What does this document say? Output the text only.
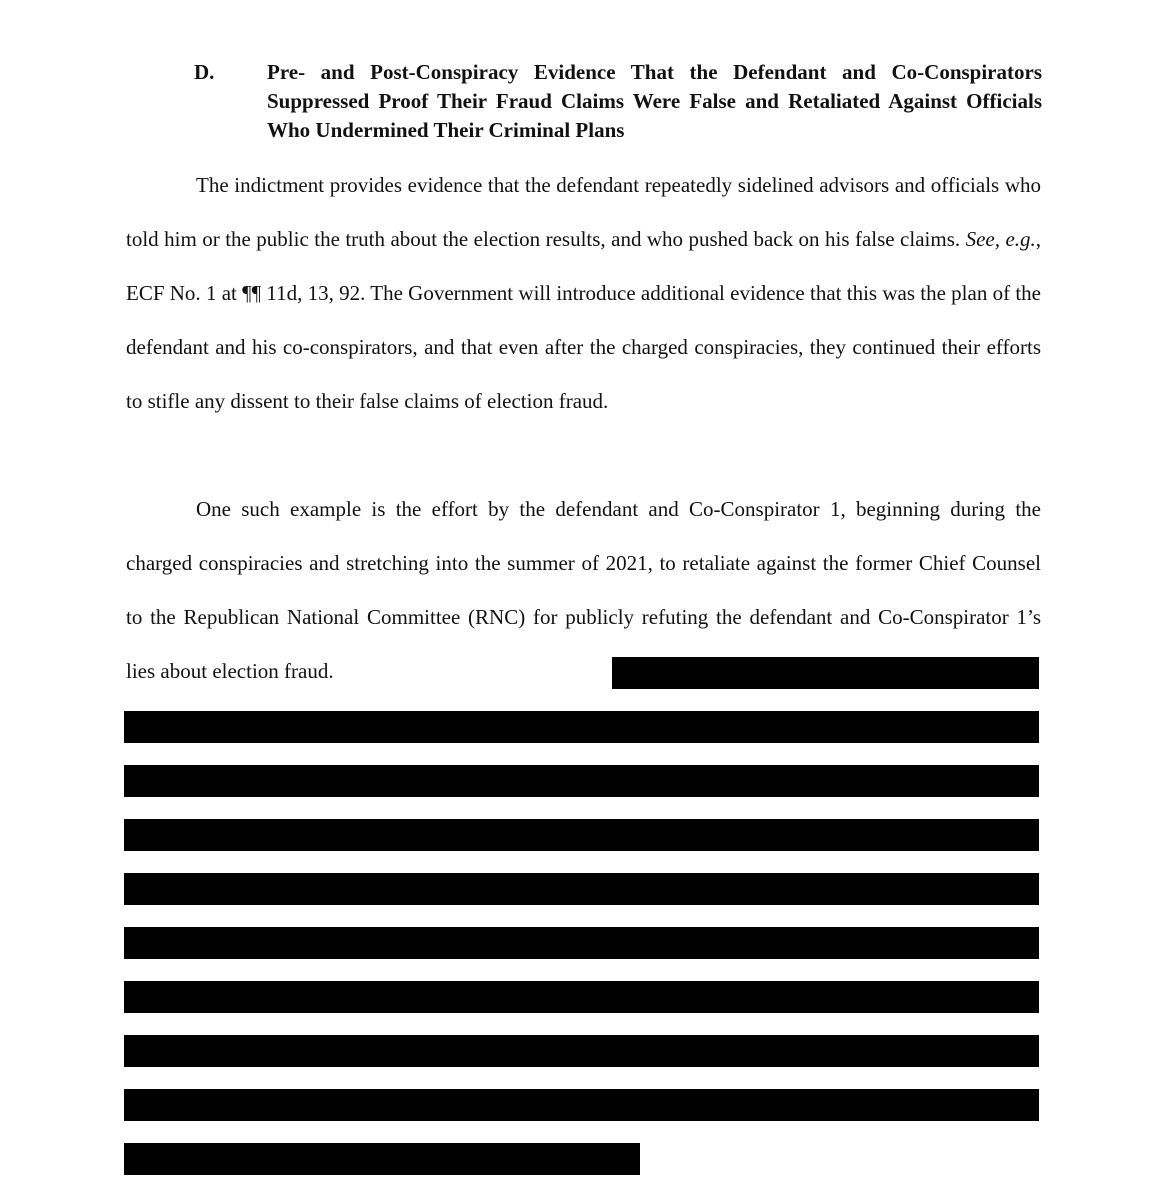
D.	Pre- and Post-Conspiracy Evidence That the Defendant and Co-Conspirators Suppressed Proof Their Fraud Claims Were False and Retaliated Against Officials Who Undermined Their Criminal Plans

The indictment provides evidence that the defendant repeatedly sidelined advisors and officials who told him or the public the truth about the election results, and who pushed back on his false claims. See, e.g., ECF No. 1 at ¶¶ 11d, 13, 92. The Government will introduce additional evidence that this was the plan of the defendant and his co-conspirators, and that even after the charged conspiracies, they continued their efforts to stifle any dissent to their false claims of election fraud.

One such example is the effort by the defendant and Co-Conspirator 1, beginning during the charged conspiracies and stretching into the summer of 2021, to retaliate against the former Chief Counsel to the Republican National Committee (RNC) for publicly refuting the defendant and Co-Conspirator 1’s lies about election fraud.
